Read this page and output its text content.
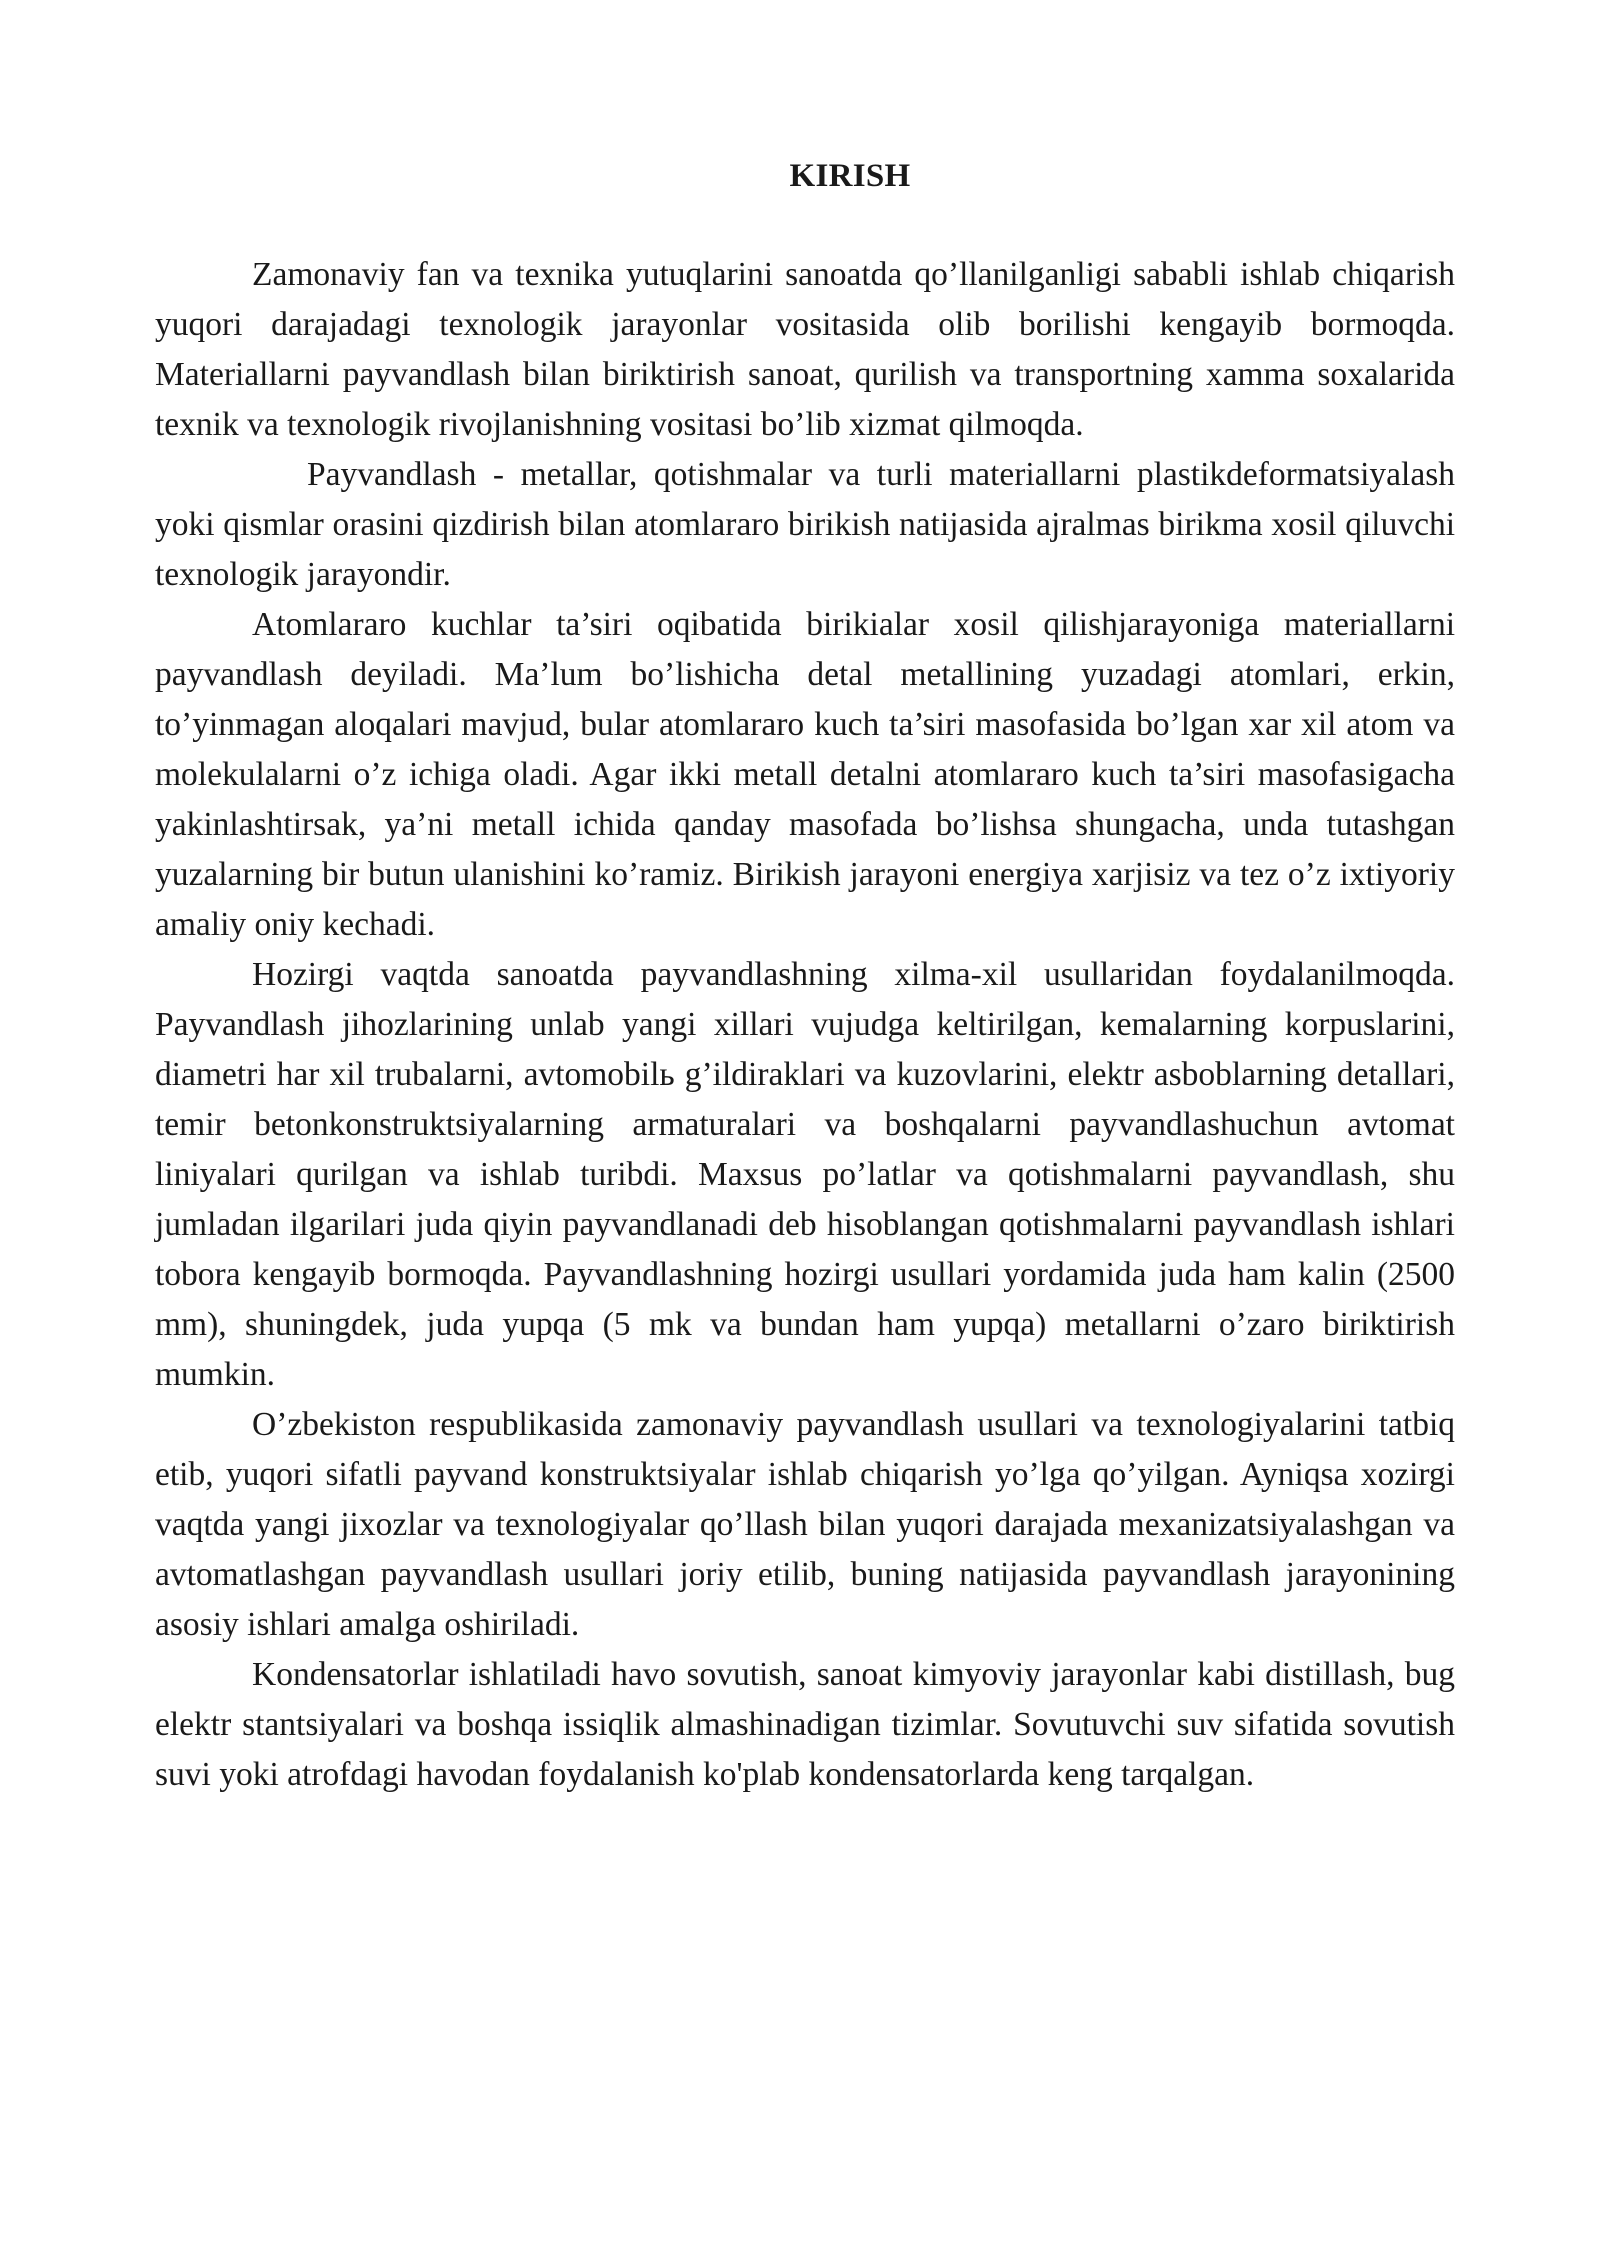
KIRISH

Zamonaviy fan va texnika yutuqlarini sanoatda qo’llanilganligi sababli ishlab chiqarish yuqori darajadagi texnologik jarayonlar vositasida olib borilishi kengayib bormoqda. Materiallarni payvandlash bilan biriktirish sanoat, qurilish va transportning xamma soxalarida texnik va texnologik rivojlanishning vositasi bo’lib xizmat qilmoqda.

Payvandlash - metallar, qotishmalar va turli materiallarni plastikdeformatsiyalash yoki qismlar orasini qizdirish bilan atomlararo birikish natijasida ajralmas birikma xosil qiluvchi texnologik jarayondir.

Atomlararo kuchlar ta’siri oqibatida birikialar xosil qilishjarayoniga materiallarni payvandlash deyiladi. Ma’lum bo’lishicha detal metallining yuzadagi atomlari, erkin, to’yinmagan aloqalari mavjud, bular atomlararo kuch ta’siri masofasida bo’lgan xar xil atom va molekulalarni o’z ichiga oladi. Agar ikki metall detalni atomlararo kuch ta’siri masofasigacha yakinlashtirsak, ya’ni metall ichida qanday masofada bo’lishsa shungacha, unda tutashgan yuzalarning bir butun ulanishini ko’ramiz. Birikish jarayoni energiya xarjisiz va tez o’z ixtiyoriy amaliy oniy kechadi.

Hozirgi vaqtda sanoatda payvandlashning xilma-xil usullaridan foydalanilmoqda. Payvandlash jihozlarining unlab yangi xillari vujudga keltirilgan, kemalarning korpuslarini, diametri har xil trubalarni, avtomobilь g’ildiraklari va kuzovlarini, elektr asboblarning detallari, temir betonkonstruktsiyalarning armaturalari va boshqalarni payvandlashuchun avtomat liniyalari qurilgan va ishlab turibdi. Maxsus po’latlar va qotishmalarni payvandlash, shu jumladan ilgarilari juda qiyin payvandlanadi deb hisoblangan qotishmalarni payvandlash ishlari tobora kengayib bormoqda. Payvandlashning hozirgi usullari yordamida juda ham kalin (2500 mm), shuningdek, juda yupqa (5 mk va bundan ham yupqa) metallarni o’zaro biriktirish mumkin.

O’zbekiston respublikasida zamonaviy payvandlash usullari va texnologiyalarini tatbiq etib, yuqori sifatli payvand konstruktsiyalar ishlab chiqarish yo’lga qo’yilgan. Ayniqsa xozirgi vaqtda yangi jixozlar va texnologiyalar qo’llash bilan yuqori darajada mexanizatsiyalashgan va avtomatlashgan payvandlash usullari joriy etilib, buning natijasida payvandlash jarayonining asosiy ishlari amalga oshiriladi.

Kondensatorlar ishlatiladi havo sovutish, sanoat kimyoviy jarayonlar kabi distillash, bug elektr stantsiyalari va boshqa issiqlik almashinadigan tizimlar. Sovutuvchi suv sifatida sovutish suvi yoki atrofdagi havodan foydalanish ko'plab kondensatorlarda keng tarqalgan.
